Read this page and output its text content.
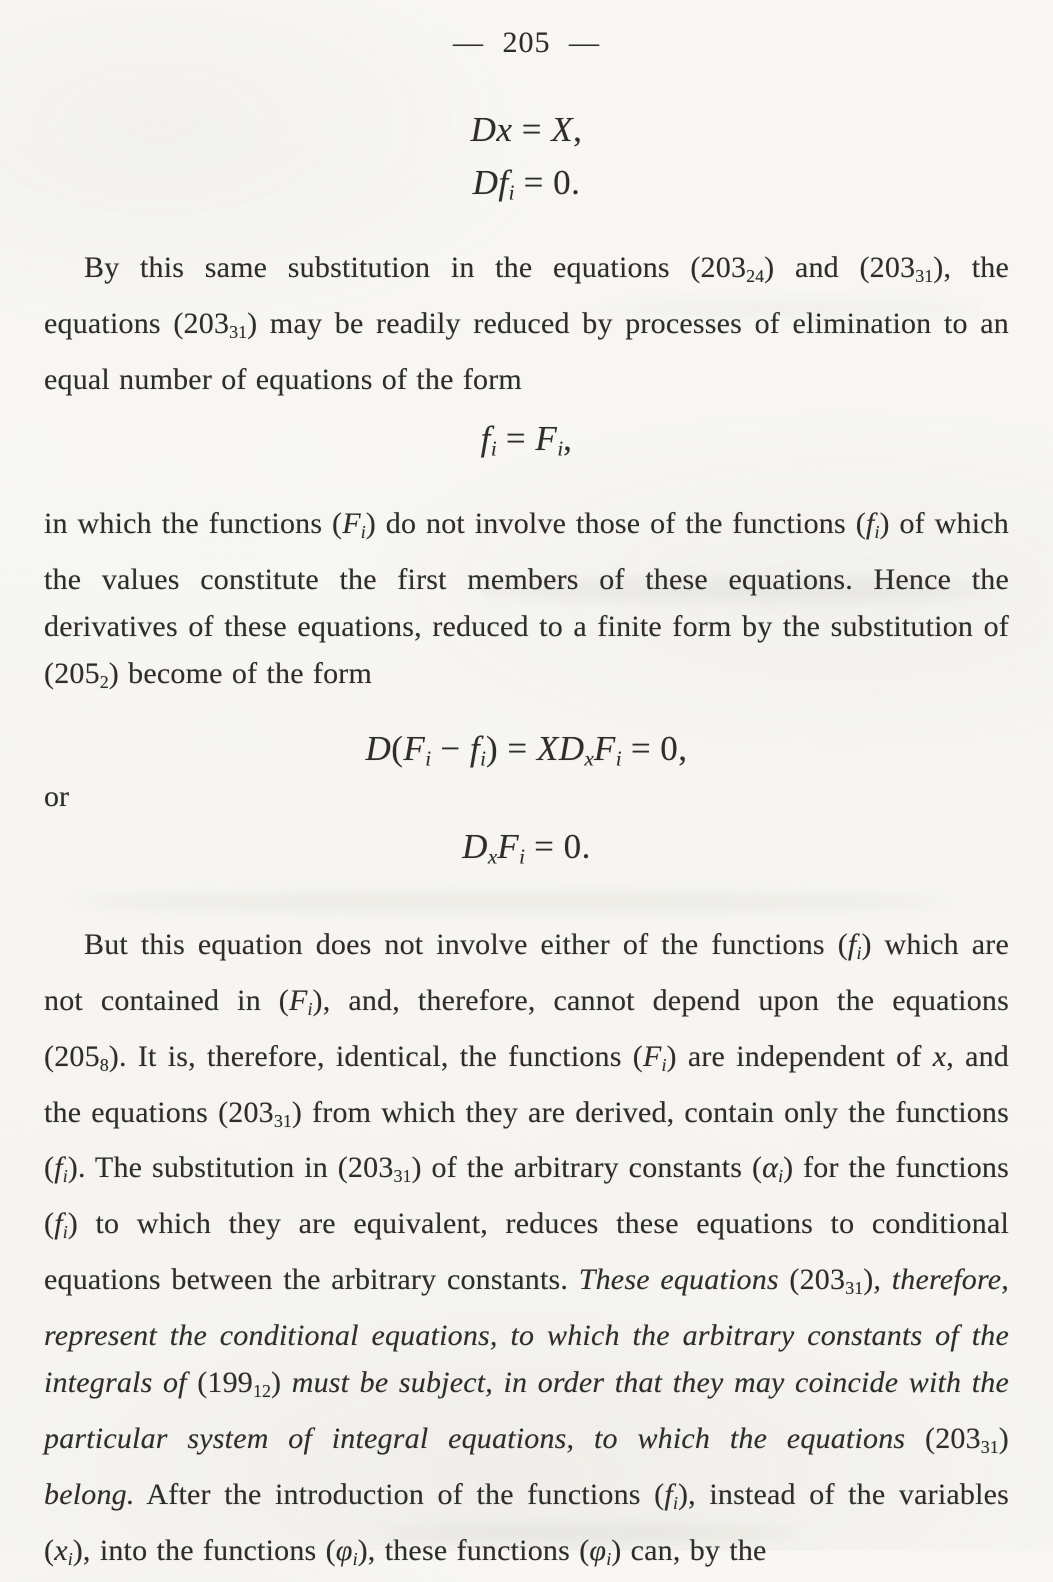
— 205 —
Dx = X,
Dfi = 0.
By this same substitution in the equations (20324) and (20331), the equations (20331) may be readily reduced by processes of elimination to an equal number of equations of the form
fi = Fi,
in which the functions (Fi) do not involve those of the functions (fi) of which the values constitute the first members of these equations. Hence the derivatives of these equations, reduced to a finite form by the substitution of (2052) become of the form
D(Fi − fi) = XDxFi = 0,
or
DxFi = 0.
But this equation does not involve either of the functions (fi) which are not contained in (Fi), and, therefore, cannot depend upon the equations (2058). It is, therefore, identical, the functions (Fi) are independent of x, and the equations (20331) from which they are derived, contain only the functions (fi). The substitution in (20331) of the arbitrary constants (αi) for the functions (fi) to which they are equivalent, reduces these equations to conditional equations between the arbitrary constants. These equations (20331), therefore, represent the conditional equations, to which the arbitrary constants of the integrals of (19912) must be subject, in order that they may coincide with the particular system of integral equations, to which the equations (20331) belong. After the introduction of the functions (fi), instead of the variables (xi), into the functions (φi), these functions (φi) can, by the
